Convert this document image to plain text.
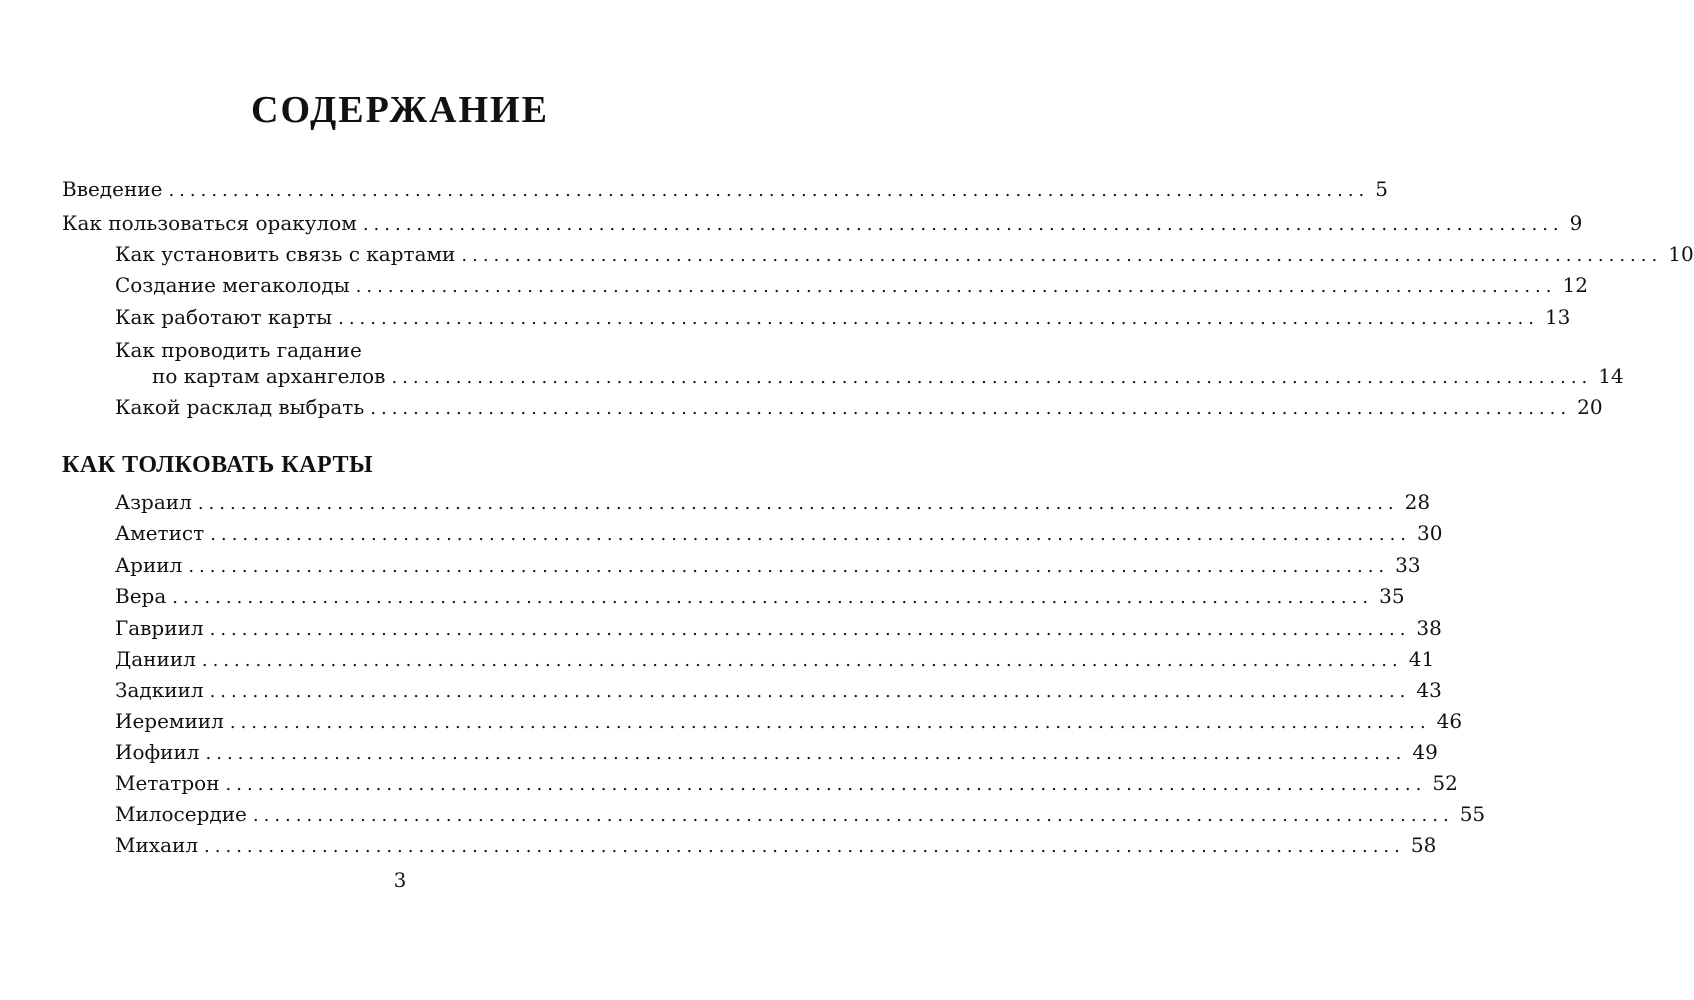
СОДЕРЖАНИЕ
Введение ................................................................................................................ 5
Как пользоваться оракулом ................................................................................................................ 9
Как установить связь с картами ................................................................................................................ 10
Создание мегаколоды ................................................................................................................ 12
Как работают карты ................................................................................................................ 13
Как проводить гадание
по картам архангелов ................................................................................................................ 14
Какой расклад выбрать ................................................................................................................ 20
КАК ТОЛКОВАТЬ КАРТЫ
Азраил ................................................................................................................ 28
Аметист ................................................................................................................ 30
Ариил ................................................................................................................ 33
Вера ................................................................................................................ 35
Гавриил ................................................................................................................ 38
Даниил ................................................................................................................ 41
Задкиил ................................................................................................................ 43
Иеремиил ................................................................................................................ 46
Иофиил ................................................................................................................ 49
Метатрон ................................................................................................................ 52
Милосердие ................................................................................................................ 55
Михаил ................................................................................................................ 58
3
